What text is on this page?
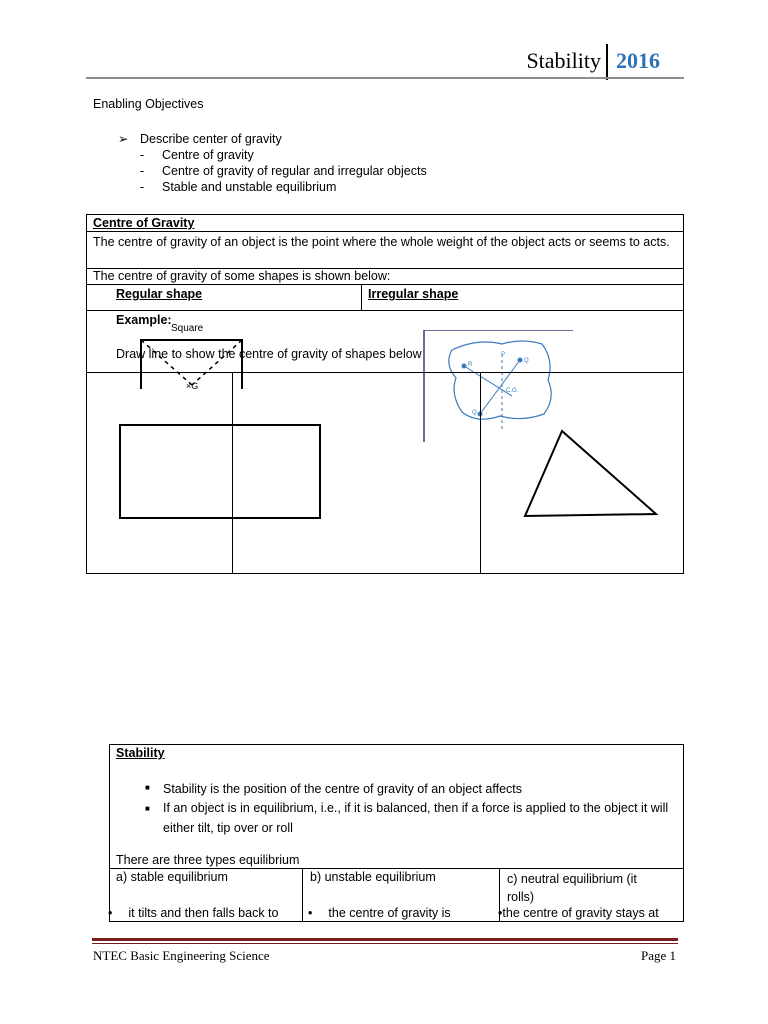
Stability 2016
Enabling Objectives
➢ Describe center of gravity
- Centre of gravity
- Centre of gravity of regular and irregular objects
- Stable and unstable equilibrium
Centre of Gravity
The centre of gravity of an object is the point where the whole weight of the object acts or seems to acts.
The centre of gravity of some shapes is shown below:
Regular shape	Irregular shape
Example:
Square
×G
Draw line to show the centre of gravity of shapes below
R
P
Q
Q
C.G.
Stability
■ Stability is the position of the centre of gravity of an object affects
■ If an object is in equilibrium, i.e., if it is balanced, then if a force is applied to the object it will either tilt, tip over or roll
There are three types equilibrium
a) stable equilibrium
• it tilts and then falls back to
b) unstable equilibrium
• the centre of gravity is
c) neutral equilibrium (it rolls)
•the centre of gravity stays at
NTEC Basic Engineering Science	Page 1
